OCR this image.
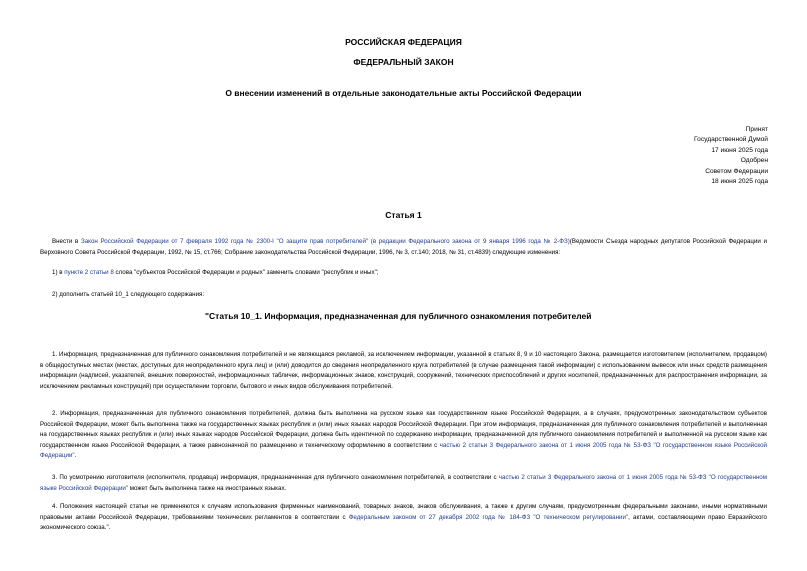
РОССИЙСКАЯ ФЕДЕРАЦИЯ
ФЕДЕРАЛЬНЫЙ ЗАКОН
О внесении изменений в отдельные законодательные акты Российской Федерации
Принят
Государственной Думой
17 июня 2025 года
Одобрен
Советом Федерации
18 июня 2025 года
Статья 1

Внести в Закон Российской Федерации от 7 февраля 1992 года № 2300-I "О защите прав потребителей" (в редакции Федерального закона от 9 января 1996 года № 2-ФЗ)(Ведомости Съезда народных депутатов Российской Федерации и Верховного Совета Российской Федерации, 1992, № 15, ст.766; Собрание законодательства Российской Федерации, 1996, № 3, ст.140; 2018, № 31, ст.4839) следующие изменения:

1) в пункте 2 статьи 8 слова "субъектов Российской Федерации и родных" заменить словами "республик и иных";

2) дополнить статьей 10_1 следующего содержания:

"Статья 10_1. Информация, предназначенная для публичного ознакомления потребителей

1. Информация, предназначенная для публичного ознакомления потребителей и не являющаяся рекламой, за исключением информации, указанной в статьях 8, 9 и 10 настоящего Закона, размещается изготовителем (исполнителем, продавцом) в общедоступных местах (местах, доступных для неопределенного круга лиц) и (или) доводится до сведения неопределенного круга потребителей (в случае размещения такой информации) с использованием вывесок или иных средств размещения информации (надписей, указателей, внешних поверхностей, информационных табличек, информационных знаков, конструкций, сооружений, технических приспособлений и других носителей, предназначенных для распространения информации, за исключением рекламных конструкций) при осуществлении торговли, бытового и иных видов обслуживания потребителей.

2. Информация, предназначенная для публичного ознакомления потребителей, должна быть выполнена на русском языке как государственном языке Российской Федерации, а в случаях, предусмотренных законодательством субъектов Российской Федерации, может быть выполнена также на государственных языках республик и (или) иных языках народов Российской Федерации. При этом информация, предназначенная для публичного ознакомления потребителей и выполненная на государственных языках республик и (или) иных языках народов Российской Федерации, должна быть идентичной по содержанию информации, предназначенной для публичного ознакомления потребителей и выполненной на русском языке как государственном языке Российской Федерации, а также равнозначной по размещению и техническому оформлению в соответствии с частью 2 статьи 3 Федерального закона от 1 июня 2005 года № 53-ФЗ "О государственном языке Российской Федерации".

3. По усмотрению изготовителя (исполнителя, продавца) информация, предназначенная для публичного ознакомления потребителей, в соответствии с частью 2 статьи 3 Федерального закона от 1 июня 2005 года № 53-ФЗ "О государственном языке Российской Федерации" может быть выполнена также на иностранных языках.

4. Положения настоящей статьи не применяются к случаям использования фирменных наименований, товарных знаков, знаков обслуживания, а также к другим случаям, предусмотренным федеральными законами, иными нормативными правовыми актами Российской Федерации, требованиями технических регламентов в соответствии с Федеральным законом от 27 декабря 2002 года № 184-ФЗ "О техническом регулировании", актами, составляющими право Евразийского экономического союза.".
